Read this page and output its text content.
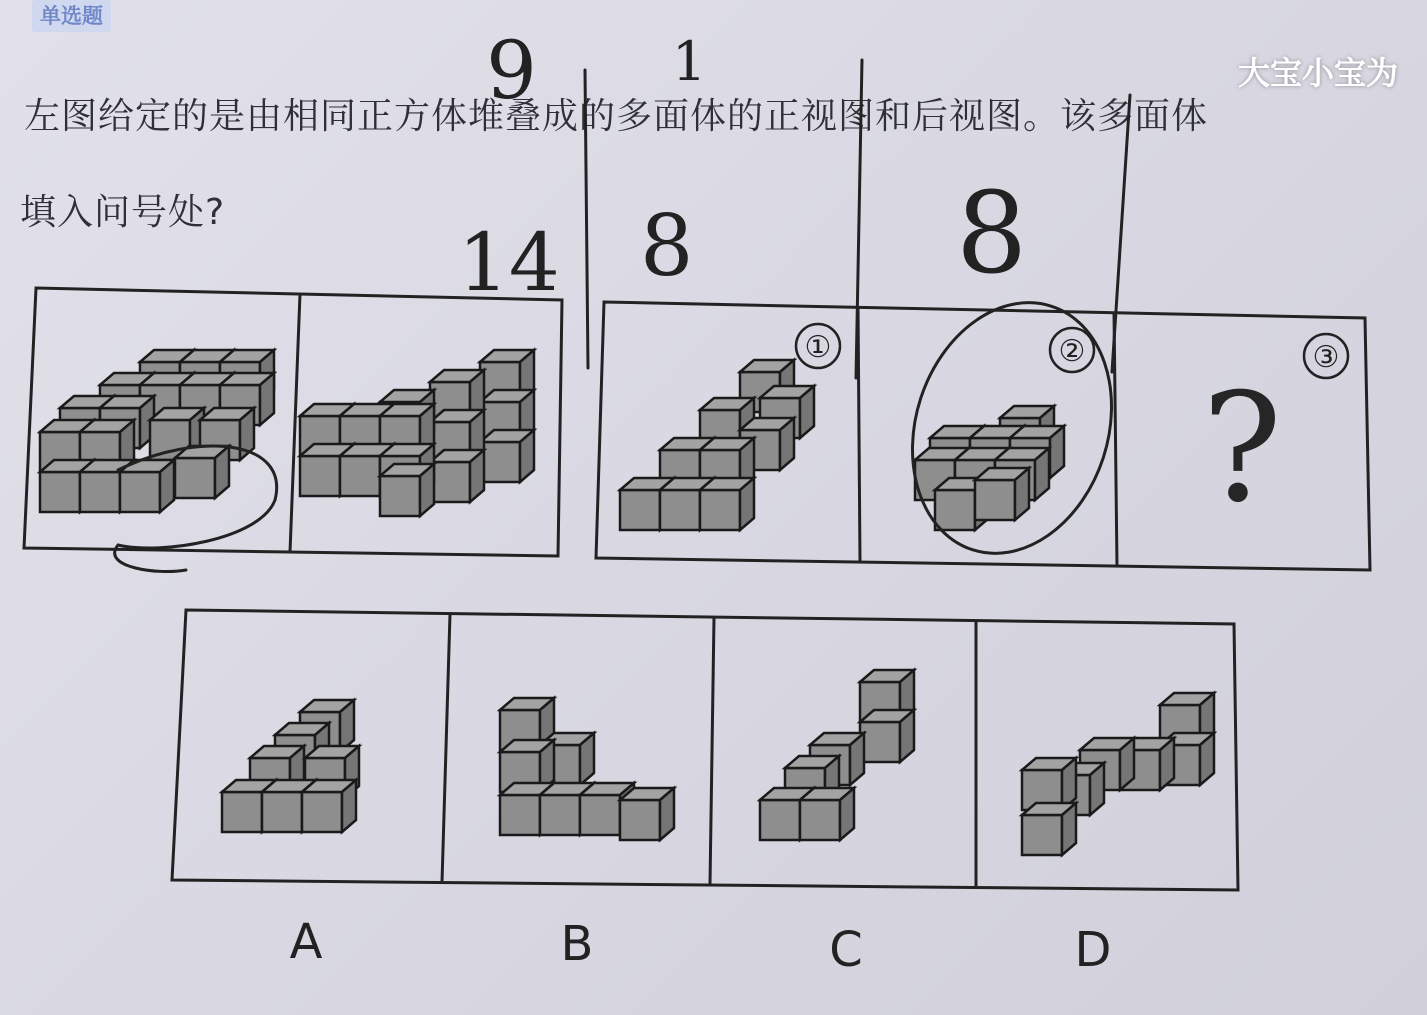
单选题
大宝小宝为
左图给定的是由相同正方体堆叠成的多面体的正视图和后视图。该多面体
填入问号处?
①	②	③
?
A	B	C	D
9	1
14 8 8
